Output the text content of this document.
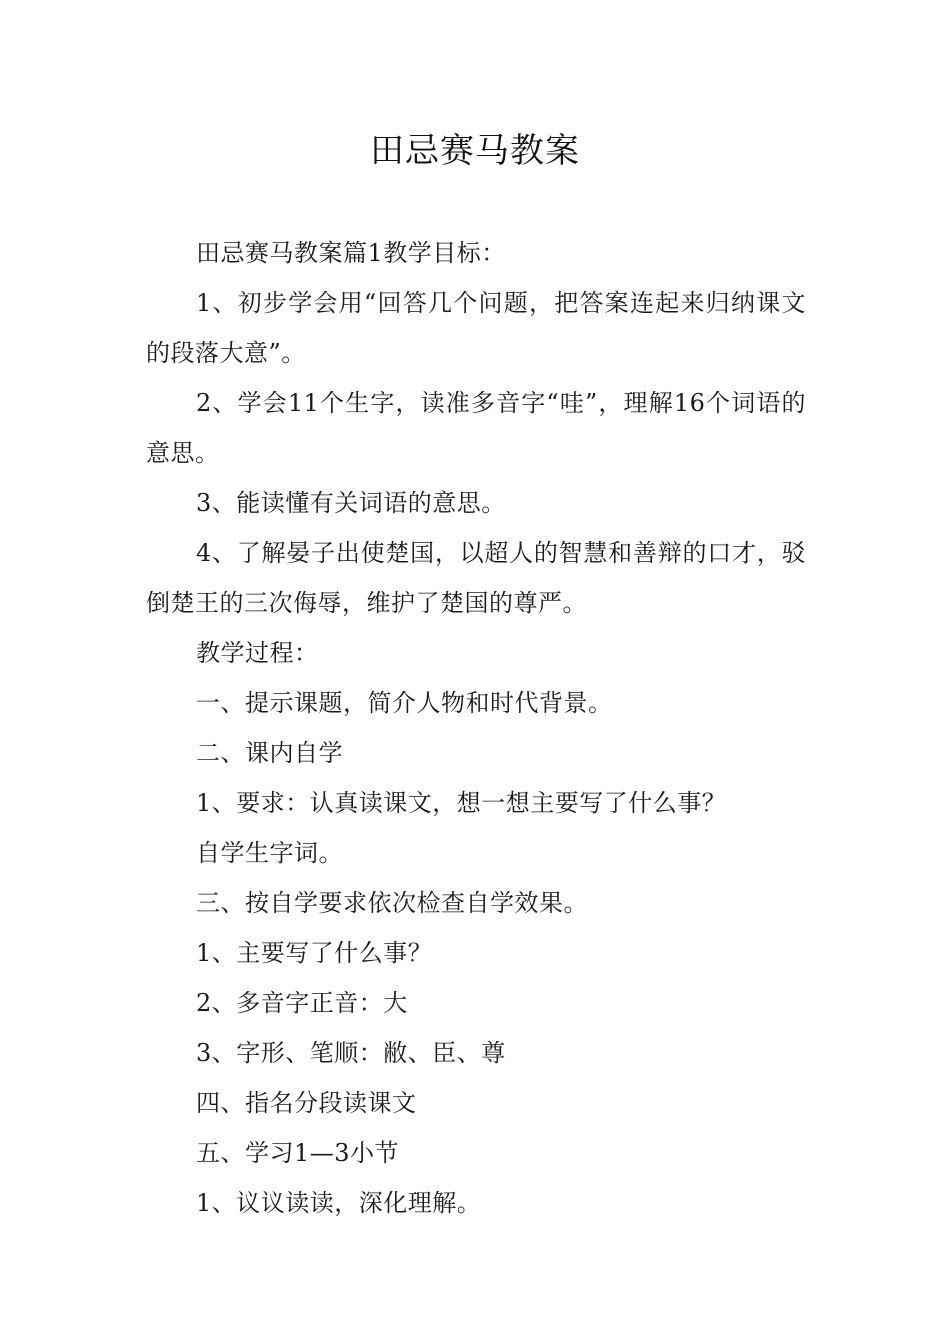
田忌赛马教案

田忌赛马教案篇1教学目标：

1、初步学会用“回答几个问题，把答案连起来归纳课文的段落大意”。

2、学会11个生字，读准多音字“哇”，理解16个词语的意思。

3、能读懂有关词语的意思。

4、了解晏子出使楚国，以超人的智慧和善辩的口才，驳倒楚王的三次侮辱，维护了楚国的尊严。

教学过程：

一、提示课题，简介人物和时代背景。

二、课内自学

1、要求：认真读课文，想一想主要写了什么事？

自学生字词。

三、按自学要求依次检查自学效果。

1、主要写了什么事？

2、多音字正音：大

3、字形、笔顺：敝、臣、尊

四、指名分段读课文

五、学习1—3小节

1、议议读读，深化理解。
